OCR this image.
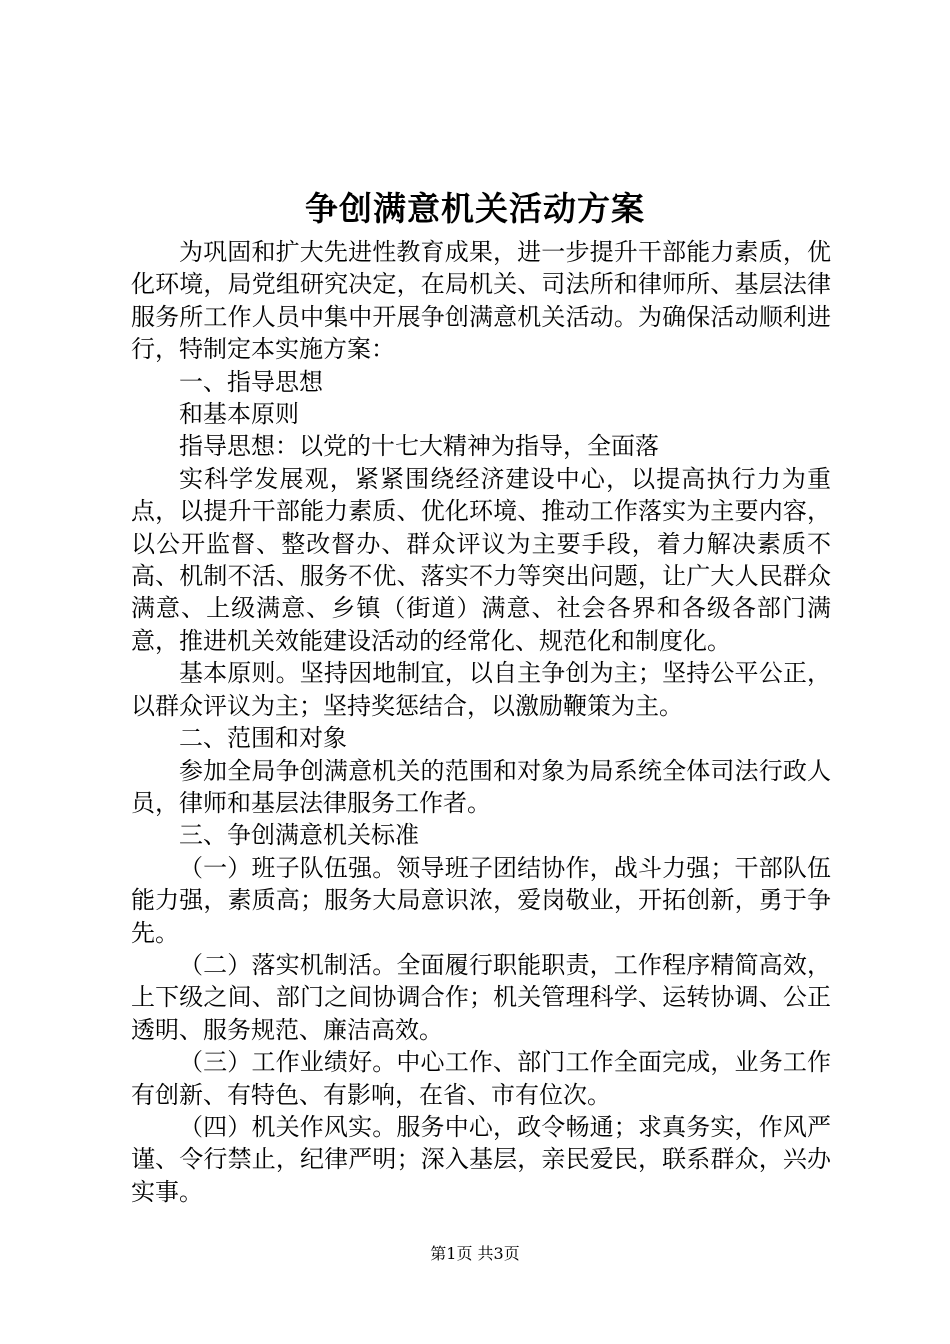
争创满意机关活动方案

为巩固和扩大先进性教育成果，进一步提升干部能力素质，优化环境，局党组研究决定，在局机关、司法所和律师所、基层法律服务所工作人员中集中开展争创满意机关活动。为确保活动顺利进行，特制定本实施方案：

一、指导思想

和基本原则

指导思想：以党的十七大精神为指导，全面落

实科学发展观，紧紧围绕经济建设中心，以提高执行力为重点，以提升干部能力素质、优化环境、推动工作落实为主要内容，以公开监督、整改督办、群众评议为主要手段，着力解决素质不高、机制不活、服务不优、落实不力等突出问题，让广大人民群众满意、上级满意、乡镇（街道）满意、社会各界和各级各部门满意，推进机关效能建设活动的经常化、规范化和制度化。

基本原则。坚持因地制宜，以自主争创为主；坚持公平公正，以群众评议为主；坚持奖惩结合，以激励鞭策为主。

二、范围和对象

参加全局争创满意机关的范围和对象为局系统全体司法行政人员，律师和基层法律服务工作者。

三、争创满意机关标准

（一）班子队伍强。领导班子团结协作，战斗力强；干部队伍能力强，素质高；服务大局意识浓，爱岗敬业，开拓创新，勇于争先。

（二）落实机制活。全面履行职能职责，工作程序精简高效，上下级之间、部门之间协调合作；机关管理科学、运转协调、公正透明、服务规范、廉洁高效。

（三）工作业绩好。中心工作、部门工作全面完成，业务工作有创新、有特色、有影响，在省、市有位次。

（四）机关作风实。服务中心，政令畅通；求真务实，作风严谨、令行禁止，纪律严明；深入基层，亲民爱民，联系群众，兴办实事。

第1页 共3页
